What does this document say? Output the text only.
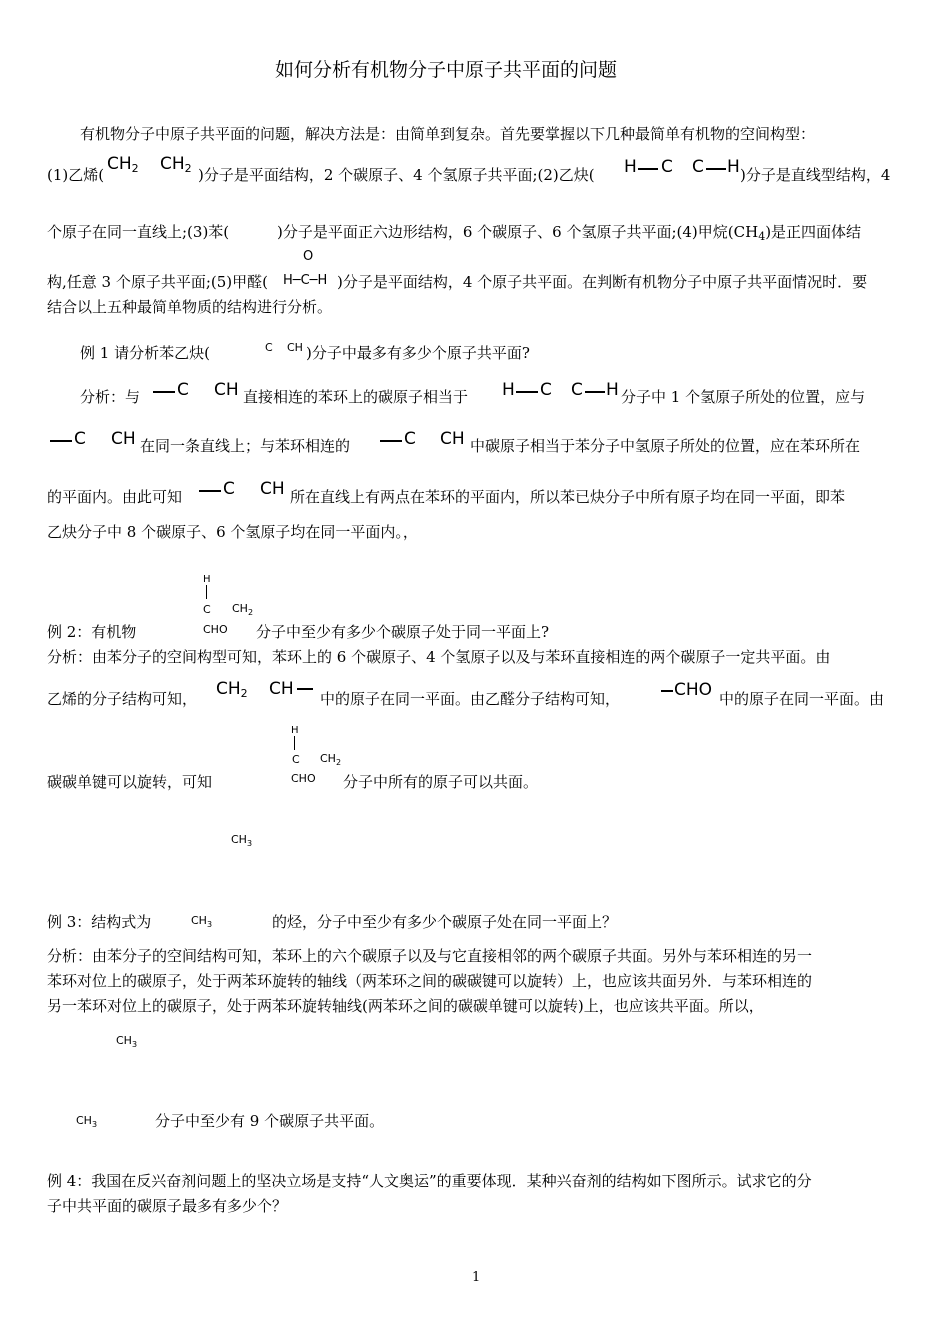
如何分析有机物分子中原子共平面的问题
有机物分子中原子共平面的问题，解决方法是：由简单到复杂。首先要掌握以下几种最简单有机物的空间构型：
(1)乙烯(
$CH_2$ $CH_2$ )分子是平面结构，2 个碳原子、4 个氢原子共平面;(2)乙炔( H C C H )分子是直线型结构，4
个原子在同一直线上;(3)苯(	)分子是平面正六边形结构，6 个碳原子、6 个氢原子共平面;(4)甲烷$(CH_4)$是正四面体结
O
构,任意 3 个原子共平面;(5)甲醛( H─C─H )分子是平面结构，4 个原子共平面。在判断有机物分子中原子共平面情况时．要
结合以上五种最简单物质的结构进行分析。
例 1 请分析苯乙炔(	C CH )分子中最多有多少个原子共平面?
分析：与 C CH 直接相连的苯环上的碳原子相当于 H C C H 分子中 1 个氢原子所处的位置，应与
C CH 在同一条直线上；与苯环相连的	C CH 中碳原子相当于苯分子中氢原子所处的位置，应在苯环所在
的平面内。由此可知 C CH 所在直线上有两点在苯环的平面内，所以苯已炔分子中所有原子均在同一平面，即苯
乙炔分子中 8 个碳原子、6 个氢原子均在同一平面内。，
H
C $CH_2$
CHO
例 2：有机物	分子中至少有多少个碳原子处于同一平面上?
分析：由苯分子的空间构型可知，苯环上的 6 个碳原子、4 个氢原子以及与苯环直接相连的两个碳原子一定共平面。由
乙烯的分子结构可知， $CH_2$ CH 中的原子在同一平面。由乙醛分子结构可知，	CHO 中的原子在同一平面。由
H
C $CH_2$
CHO
碳碳单键可以旋转，可知	分子中所有的原子可以共面。
$CH_3$
例 3：结构式为	$CH_3$	的烃，分子中至少有多少个碳原子处在同一平面上？
分析：由苯分子的空间结构可知，苯环上的六个碳原子以及与它直接相邻的两个碳原子共面。另外与苯环相连的另一
苯环对位上的碳原子，处于两苯环旋转的轴线（两苯环之间的碳碳键可以旋转）上，也应该共面另外．与苯环相连的
另一苯环对位上的碳原子，处于两苯环旋转轴线(两苯环之间的碳碳单键可以旋转)上，也应该共平面。所以，
$CH_3$
$CH_3$	分子中至少有 9 个碳原子共平面。
例 4：我国在反兴奋剂问题上的坚决立场是支持“人文奥运”的重要体现．某种兴奋剂的结构如下图所示。试求它的分
子中共平面的碳原子最多有多少个？
1
